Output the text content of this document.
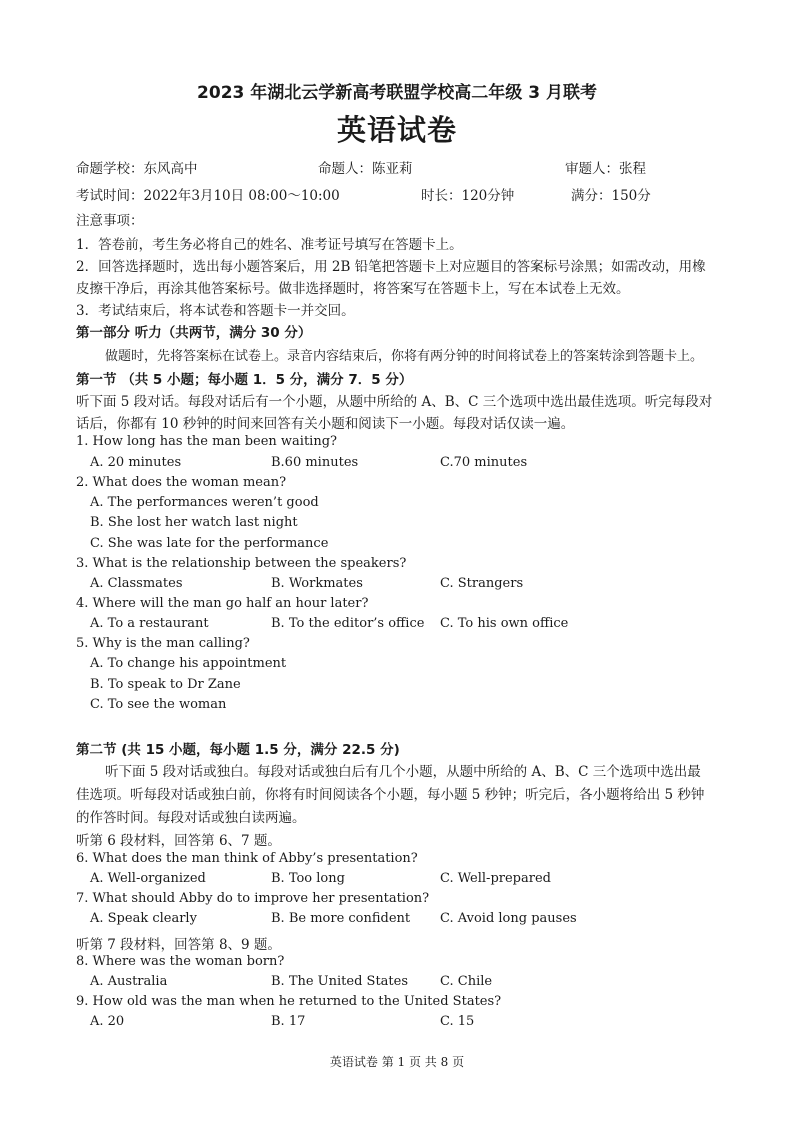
2023 年湖北云学新高考联盟学校高二年级 3 月联考
英语试卷
命题学校：东风高中	命题人：陈亚莉	审题人：张程
考试时间：2022年3月10日 08:00～10:00	时长：120分钟	满分：150分
注意事项：
1．答卷前，考生务必将自己的姓名、准考证号填写在答题卡上。
2．回答选择题时，选出每小题答案后，用 2B 铅笔把答题卡上对应题目的答案标号涂黑；如需改动，用橡
皮擦干净后，再涂其他答案标号。做非选择题时，将答案写在答题卡上，写在本试卷上无效。
3．考试结束后，将本试卷和答题卡一并交回。
第一部分 听力（共两节，满分 30 分）
做题时，先将答案标在试卷上。录音内容结束后，你将有两分钟的时间将试卷上的答案转涂到答题卡上。
第一节 （共 5 小题；每小题 1．5 分，满分 7．5 分）
听下面 5 段对话。每段对话后有一个小题，从题中所给的 A、B、C 三个选项中选出最佳选项。听完每段对
话后，你都有 10 秒钟的时间来回答有关小题和阅读下一小题。每段对话仅读一遍。
1. How long has the man been waiting?
A. 20 minutes	B.60 minutes	C.70 minutes
2. What does the woman mean?
A. The performances weren’t good
B. She lost her watch last night
C. She was late for the performance
3. What is the relationship between the speakers?
A. Classmates	B. Workmates	C. Strangers
4. Where will the man go half an hour later?
A. To a restaurant	B. To the editor’s office C. To his own office
5. Why is the man calling?
A. To change his appointment
B. To speak to Dr Zane
C. To see the woman
第二节 (共 15 小题，每小题 1.5 分，满分 22.5 分)
听下面 5 段对话或独白。每段对话或独白后有几个小题，从题中所给的 A、B、C 三个选项中选出最
佳选项。听每段对话或独白前，你将有时间阅读各个小题，每小题 5 秒钟；听完后，各小题将给出 5 秒钟
的作答时间。每段对话或独白读两遍。
听第 6 段材料，回答第 6、7 题。
6. What does the man think of Abby’s presentation?
A. Well-organized	B. Too long	C. Well-prepared
7. What should Abby do to improve her presentation?
A. Speak clearly	B. Be more confident C. Avoid long pauses
听第 7 段材料，回答第 8、9 题。
8. Where was the woman born?
A. Australia	B. The United States C. Chile
9. How old was the man when he returned to the United States?
A. 20	B. 17	C. 15
英语试卷 第 1 页 共 8 页
